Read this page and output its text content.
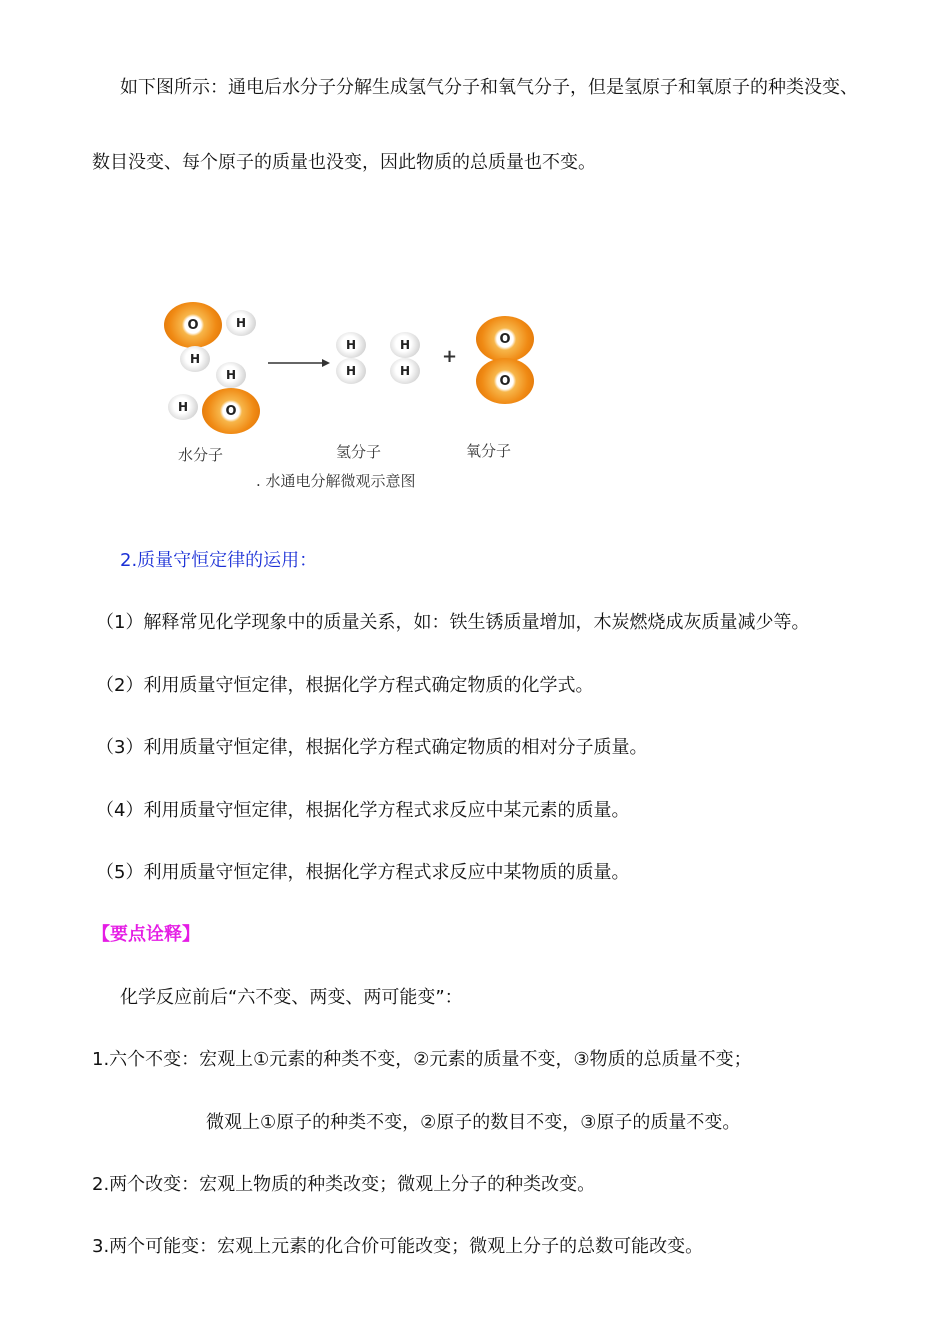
如下图所示：通电后水分子分解生成氢气分子和氧气分子，但是氢原子和氧原子的种类没变、
数目没变、每个原子的质量也没变，因此物质的总质量也不变。
O	H
H
H
H	O
H
H
H
H
+
O
O
水分子	氢分子	氧分子
. 水通电分解微观示意图
2.质量守恒定律的运用：
（1）解释常见化学现象中的质量关系，如：铁生锈质量增加，木炭燃烧成灰质量减少等。
（2）利用质量守恒定律，根据化学方程式确定物质的化学式。
（3）利用质量守恒定律，根据化学方程式确定物质的相对分子质量。
（4）利用质量守恒定律，根据化学方程式求反应中某元素的质量。
（5）利用质量守恒定律，根据化学方程式求反应中某物质的质量。
【要点诠释】
化学反应前后“六不变、两变、两可能变”：
1.六个不变：宏观上①元素的种类不变，②元素的质量不变，③物质的总质量不变；
微观上①原子的种类不变，②原子的数目不变，③原子的质量不变。
2.两个改变：宏观上物质的种类改变；微观上分子的种类改变。
3.两个可能变：宏观上元素的化合价可能改变；微观上分子的总数可能改变。
